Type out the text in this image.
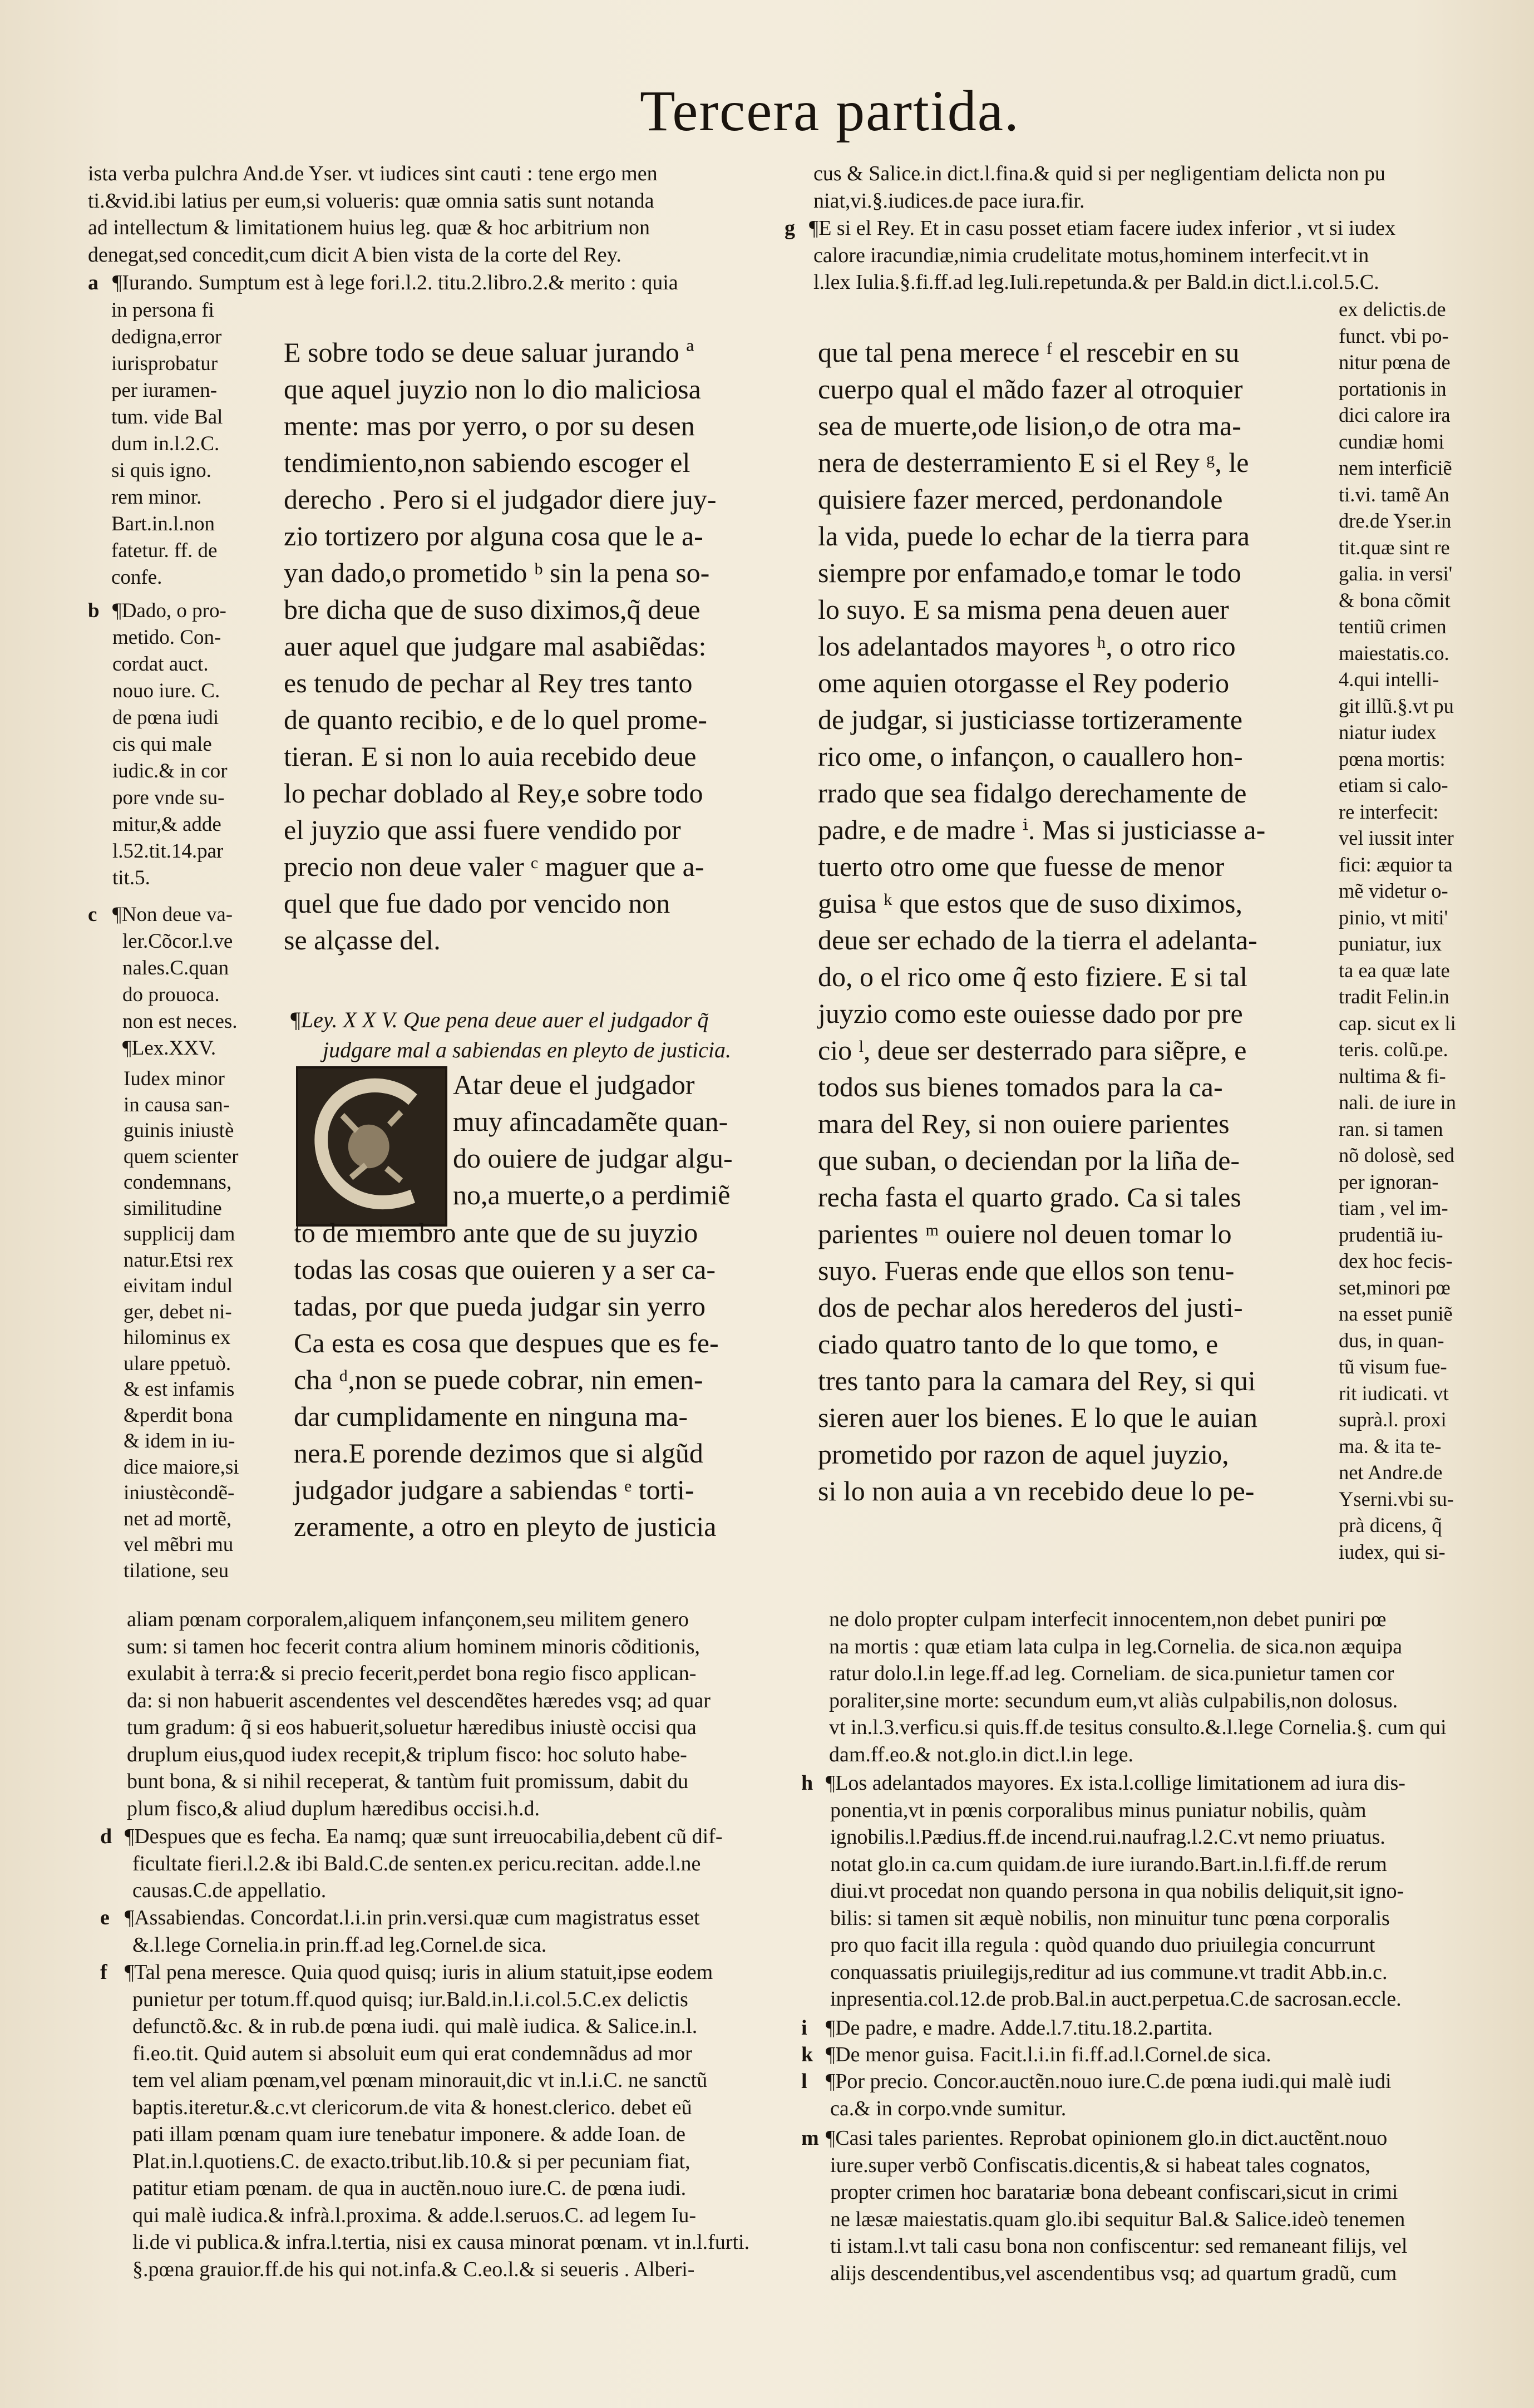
Tercera partida.

ista verba pulchra And.de Yser. vt iudices sint cauti : tene ergo men

ti.&vid.ibi latius per eum,si volueris: quæ omnia satis sunt notanda

ad intellectum & limitationem huius leg. quæ & hoc arbitrium non

denegat,sed concedit,cum dicit A bien vista de la corte del Rey.

a ¶Iurando. Sumptum est à lege fori.l.2. titu.2.libro.2.& merito : quia

cus & Salice.in dict.l.fina.& quid si per negligentiam delicta non pu

niat,vi.§.iudices.de pace iura.fir.

g ¶E si el Rey. Et in casu posset etiam facere iudex inferior , vt si iudex

calore iracundiæ,nimia crudelitate motus,hominem interfecit.vt in

l.lex Iulia.§.fi.ff.ad leg.Iuli.repetunda.& per Bald.in dict.l.i.col.5.C.

in persona fi

dedigna,error

iurisprobatur

per iuramen-

tum. vide Bal

dum in.l.2.C.

si quis igno.

rem minor.

Bart.in.l.non

fatetur. ff. de

confe.

b ¶Dado, o pro-

metido. Con-

cordat auct.

nouo iure. C.

de pœna iudi

cis qui male

iudic.& in cor

pore vnde su-

mitur,& adde

l.52.tit.14.par

tit.5.

c ¶Non deue va-

ler.Cõcor.l.ve

nales.C.quan

do prouoca.

non est neces.

¶Lex.XXV.

Iudex minor

in causa san-

guinis iniustè

quem scienter

condemnans,

similitudine

supplicij dam

natur.Etsi rex

eivitam indul

ger, debet ni-

hilominus ex

ulare ppetuò.

& est infamis

&perdit bona

& idem in iu-

dice maiore,si

iniustècondẽ-

net ad mortẽ,

vel mẽbri mu

tilatione, seu

E sobre todo se deue saluar jurando ª

que aquel juyzio non lo dio maliciosa

mente: mas por yerro, o por su desen

tendimiento,non sabiendo escoger el

derecho . Pero si el judgador diere juy-

zio tortizero por alguna cosa que le a-

yan dado,o prometido ᵇ sin la pena so-

bre dicha que de suso diximos,q̃ deue

auer aquel que judgare mal asabiẽdas:

es tenudo de pechar al Rey tres tanto

de quanto recibio, e de lo quel prome-

tieran. E si non lo auia recebido deue

lo pechar doblado al Rey,e sobre todo

el juyzio que assi fuere vendido por

precio non deue valer ᶜ maguer que a-

quel que fue dado por vencido non

se alçasse del.

¶Ley. X X V. Que pena deue auer el judgador q̃

judgare mal a sabiendas en pleyto de justicia.

Atar deue el judgador

muy afincadamẽte quan-

do ouiere de judgar algu-

no,a muerte,o a perdimiẽ

to de miembro ante que de su juyzio

todas las cosas que ouieren y a ser ca-

tadas, por que pueda judgar sin yerro

Ca esta es cosa que despues que es fe-

cha ᵈ,non se puede cobrar, nin emen-

dar cumplidamente en ninguna ma-

nera.E porende dezimos que si algũd

judgador judgare a sabiendas ᵉ torti-

zeramente, a otro en pleyto de justicia

que tal pena merece ᶠ el rescebir en su

cuerpo qual el mãdo fazer al otroquier

sea de muerte,ode lision,o de otra ma-

nera de desterramiento E si el Rey ᵍ, le

quisiere fazer merced, perdonandole

la vida, puede lo echar de la tierra para

siempre por enfamado,e tomar le todo

lo suyo. E sa misma pena deuen auer

los adelantados mayores ʰ, o otro rico

ome aquien otorgasse el Rey poderio

de judgar, si justiciasse tortizeramente

rico ome, o infançon, o cauallero hon-

rrado que sea fidalgo derechamente de

padre, e de madre ⁱ. Mas si justiciasse a-

tuerto otro ome que fuesse de menor

guisa ᵏ que estos que de suso diximos,

deue ser echado de la tierra el adelanta-

do, o el rico ome q̃ esto fiziere. E si tal

juyzio como este ouiesse dado por pre

cio ˡ, deue ser desterrado para siẽpre, e

todos sus bienes tomados para la ca-

mara del Rey, si non ouiere parientes

que suban, o deciendan por la liña de-

recha fasta el quarto grado. Ca si tales

parientes ᵐ ouiere nol deuen tomar lo

suyo. Fueras ende que ellos son tenu-

dos de pechar alos herederos del justi-

ciado quatro tanto de lo que tomo, e

tres tanto para la camara del Rey, si qui

sieren auer los bienes. E lo que le auian

prometido por razon de aquel juyzio,

si lo non auia a vn recebido deue lo pe-

ex delictis.de

funct. vbi po-

nitur pœna de

portationis in

dici calore ira

cundiæ homi

nem interficiẽ

ti.vi. tamẽ An

dre.de Yser.in

tit.quæ sint re

galia. in versi'

& bona cõmit

tentiũ crimen

maiestatis.co.

4.qui intelli-

git illũ.§.vt pu

niatur iudex

pœna mortis:

etiam si calo-

re interfecit:

vel iussit inter

fici: æquior ta

mẽ videtur o-

pinio, vt miti'

puniatur, iux

ta ea quæ late

tradit Felin.in

cap. sicut ex li

teris. colũ.pe.

nultima & fi-

nali. de iure in

ran. si tamen

nõ dolosè, sed

per ignoran-

tiam , vel im-

prudentiã iu-

dex hoc fecis-

set,minori pœ

na esset puniẽ

dus, in quan-

tũ visum fue-

rit iudicati. vt

suprà.l. proxi

ma. & ita te-

net Andre.de

Yserni.vbi su-

prà dicens, q̃

iudex, qui si-

aliam pœnam corporalem,aliquem infançonem,seu militem genero

sum: si tamen hoc fecerit contra alium hominem minoris cõditionis,

exulabit à terra:& si precio fecerit,perdet bona regio fisco applican-

da: si non habuerit ascendentes vel descendẽtes hæredes vsq; ad quar

tum gradum: q̃ si eos habuerit,soluetur hæredibus iniustè occisi qua

druplum eius,quod iudex recepit,& triplum fisco: hoc soluto habe-

bunt bona, & si nihil receperat, & tantùm fuit promissum, dabit du

plum fisco,& aliud duplum hæredibus occisi.h.d.

d ¶Despues que es fecha. Ea namq; quæ sunt irreuocabilia,debent cũ dif-

ficultate fieri.l.2.& ibi Bald.C.de senten.ex pericu.recitan. adde.l.ne

causas.C.de appellatio.

e ¶Assabiendas. Concordat.l.i.in prin.versi.quæ cum magistratus esset

&.l.lege Cornelia.in prin.ff.ad leg.Cornel.de sica.

f ¶Tal pena meresce. Quia quod quisq; iuris in alium statuit,ipse eodem

punietur per totum.ff.quod quisq; iur.Bald.in.l.i.col.5.C.ex delictis

defunctõ.&c. & in rub.de pœna iudi. qui malè iudica. & Salice.in.l.

fi.eo.tit. Quid autem si absoluit eum qui erat condemnãdus ad mor

tem vel aliam pœnam,vel pœnam minorauit,dic vt in.l.i.C. ne sanctũ

baptis.iteretur.&.c.vt clericorum.de vita & honest.clerico. debet eũ

pati illam pœnam quam iure tenebatur imponere. & adde Ioan. de

Plat.in.l.quotiens.C. de exacto.tribut.lib.10.& si per pecuniam fiat,

patitur etiam pœnam. de qua in auctẽn.nouo iure.C. de pœna iudi.

qui malè iudica.& infrà.l.proxima. & adde.l.seruos.C. ad legem Iu-

li.de vi publica.& infra.l.tertia, nisi ex causa minorat pœnam. vt in.l.furti.

§.pœna grauior.ff.de his qui not.infa.& C.eo.l.& si seueris . Alberi-

ne dolo propter culpam interfecit innocentem,non debet puniri pœ

na mortis : quæ etiam lata culpa in leg.Cornelia. de sica.non æquipa

ratur dolo.l.in lege.ff.ad leg. Corneliam. de sica.punietur tamen cor

poraliter,sine morte: secundum eum,vt aliàs culpabilis,non dolosus.

vt in.l.3.verficu.si quis.ff.de tesitus consulto.&.l.lege Cornelia.§. cum qui

dam.ff.eo.& not.glo.in dict.l.in lege.

h ¶Los adelantados mayores. Ex ista.l.collige limitationem ad iura dis-

ponentia,vt in pœnis corporalibus minus puniatur nobilis, quàm

ignobilis.l.Pædius.ff.de incend.rui.naufrag.l.2.C.vt nemo priuatus.

notat glo.in ca.cum quidam.de iure iurando.Bart.in.l.fi.ff.de rerum

diui.vt procedat non quando persona in qua nobilis deliquit,sit igno-

bilis: si tamen sit æquè nobilis, non minuitur tunc pœna corporalis

pro quo facit illa regula : quòd quando duo priuilegia concurrunt

conquassatis priuilegijs,reditur ad ius commune.vt tradit Abb.in.c.

inpresentia.col.12.de prob.Bal.in auct.perpetua.C.de sacrosan.eccle.

i ¶De padre, e madre. Adde.l.7.titu.18.2.partita.

k ¶De menor guisa. Facit.l.i.in fi.ff.ad.l.Cornel.de sica.

l ¶Por precio. Concor.auctẽn.nouo iure.C.de pœna iudi.qui malè iudi

ca.& in corpo.vnde sumitur.

m ¶Casi tales parientes. Reprobat opinionem glo.in dict.auctẽnt.nouo

iure.super verbõ Confiscatis.dicentis,& si habeat tales cognatos,

propter crimen hoc baratariæ bona debeant confiscari,sicut in crimi

ne læsæ maiestatis.quam glo.ibi sequitur Bal.& Salice.ideò tenemen

ti istam.l.vt tali casu bona non confiscentur: sed remaneant filijs, vel

alijs descendentibus,vel ascendentibus vsq; ad quartum gradũ, cum
